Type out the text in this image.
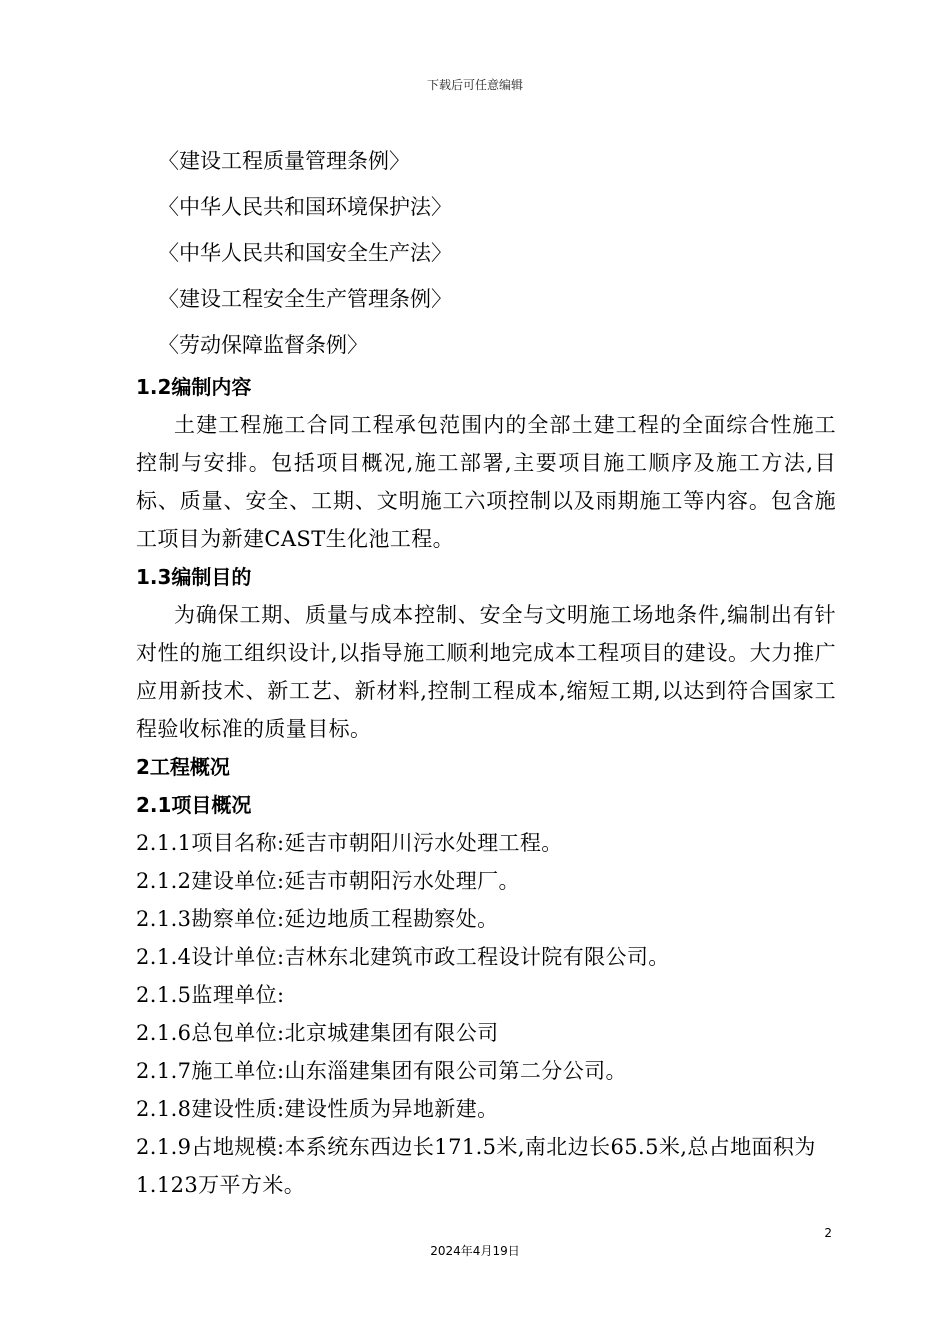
下载后可任意编辑
〈建设工程质量管理条例〉
〈中华人民共和国环境保护法〉
〈中华人民共和国安全生产法〉
〈建设工程安全生产管理条例〉
〈劳动保障监督条例〉
1.2编制内容
土建工程施工合同工程承包范围内的全部土建工程的全面综合性施工控制与安排。包括项目概况,施工部署,主要项目施工顺序及施工方法,目标、质量、安全、工期、文明施工六项控制以及雨期施工等内容。包含施工项目为新建CAST生化池工程。
1.3编制目的
为确保工期、质量与成本控制、安全与文明施工场地条件,编制出有针对性的施工组织设计,以指导施工顺利地完成本工程项目的建设。大力推广应用新技术、新工艺、新材料,控制工程成本,缩短工期,以达到符合国家工程验收标准的质量目标。
2工程概况
2.1项目概况
2.1.1项目名称:延吉市朝阳川污水处理工程。
2.1.2建设单位:延吉市朝阳污水处理厂。
2.1.3勘察单位:延边地质工程勘察处。
2.1.4设计单位:吉林东北建筑市政工程设计院有限公司。
2.1.5监理单位:
2.1.6总包单位:北京城建集团有限公司
2.1.7施工单位:山东淄建集团有限公司第二分公司。
2.1.8建设性质:建设性质为异地新建。
2.1.9占地规模:本系统东西边长171.5米,南北边长65.5米,总占地面积为1.123万平方米。
2
2024年4月19日
